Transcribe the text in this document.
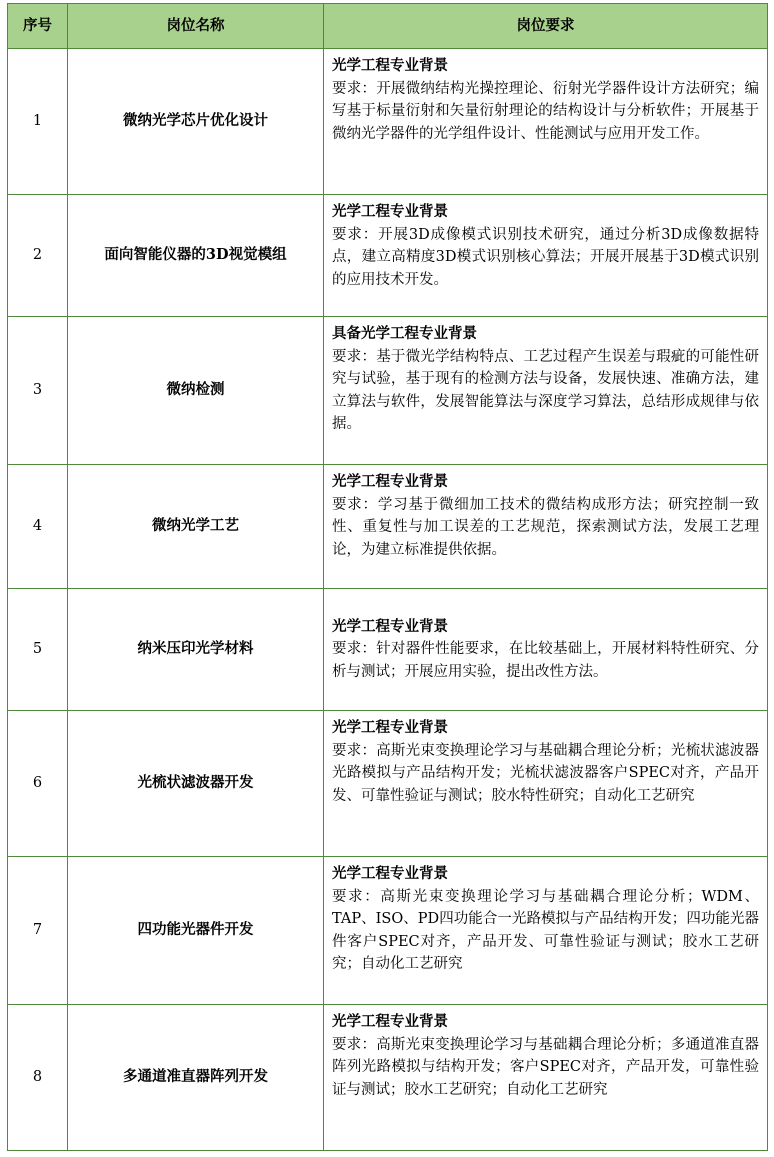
序号	岗位名称	岗位要求
1	微纳光学芯片优化设计	光学工程专业背景
要求：开展微纳结构光操控理论、衍射光学器件设计方法研究；编写基于标量衍射和矢量衍射理论的结构设计与分析软件；开展基于微纳光学器件的光学组件设计、性能测试与应用开发工作。

2	面向智能仪器的3D视觉模组	光学工程专业背景
要求：开展3D成像模式识别技术研究，通过分析3D成像数据特点，建立高精度3D模式识别核心算法；开展开展基于3D模式识别的应用技术开发。

3	微纳检测	具备光学工程专业背景
要求：基于微光学结构特点、工艺过程产生误差与瑕疵的可能性研究与试验，基于现有的检测方法与设备，发展快速、准确方法，建立算法与软件，发展智能算法与深度学习算法，总结形成规律与依据。

4	微纳光学工艺	光学工程专业背景
要求：学习基于微细加工技术的微结构成形方法；研究控制一致性、重复性与加工误差的工艺规范，探索测试方法，发展工艺理论，为建立标准提供依据。

5	纳米压印光学材料	光学工程专业背景
要求：针对器件性能要求，在比较基础上，开展材料特性研究、分析与测试；开展应用实验，提出改性方法。

6	光梳状滤波器开发	光学工程专业背景
要求：高斯光束变换理论学习与基础耦合理论分析；光梳状滤波器光路模拟与产品结构开发；光梳状滤波器客户SPEC对齐，产品开发、可靠性验证与测试；胶水特性研究；自动化工艺研究

7	四功能光器件开发	光学工程专业背景
要求：高斯光束变换理论学习与基础耦合理论分析；WDM、TAP、ISO、PD四功能合一光路模拟与产品结构开发；四功能光器件客户SPEC对齐，产品开发、可靠性验证与测试；胶水工艺研究；自动化工艺研究

8	多通道准直器阵列开发	光学工程专业背景
要求：高斯光束变换理论学习与基础耦合理论分析；多通道准直器阵列光路模拟与结构开发；客户SPEC对齐，产品开发，可靠性验证与测试；胶水工艺研究；自动化工艺研究
